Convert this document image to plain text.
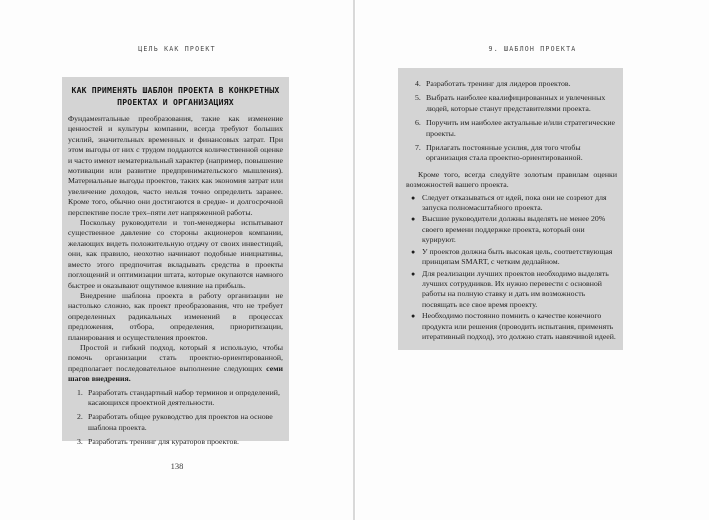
ЦЕЛЬ КАК ПРОЕКТ
КАК ПРИМЕНЯТЬ ШАБЛОН ПРОЕКТА В КОНКРЕТНЫХ ПРОЕКТАХ И ОРГАНИЗАЦИЯХ

Фундаментальные преобразования, такие как изменение ценностей и культуры компании, всегда требуют больших усилий, значительных временных и финансовых затрат. При этом выгоды от них с трудом поддаются количественной оценке и часто имеют нематериальный характер (например, повышение мотивации или развитие предпринимательского мышления). Материальные выгоды проектов, таких как экономия затрат или увеличение доходов, часто нельзя точно определить заранее. Кроме того, обычно они достигаются в средне- и долгосрочной перспективе после трех–пяти лет напряженной работы.

Поскольку руководители и топ-менеджеры испытывают существенное давление со стороны акционеров компании, желающих видеть положительную отдачу от своих инвестиций, они, как правило, неохотно начинают подобные инициативы, вместо этого предпочитая вкладывать средства в проекты поглощений и оптимизации штата, которые окупаются намного быстрее и оказывают ощутимое влияние на прибыль.

Внедрение шаблона проекта в работу организации не настолько сложно, как проект преобразования, что не требует определенных радикальных изменений в процессах предложения, отбора, определения, приоритизации, планирования и осуществления проектов.

Простой и гибкий подход, который я использую, чтобы помочь организации стать проектно-ориентированной, предполагает последовательное выполнение следующих семи шагов внедрения.

1. Разработать стандартный набор терминов и определений, касающихся проектной деятельности.
2. Разработать общее руководство для проектов на основе шаблона проекта.
3. Разработать тренинг для кураторов проектов.
138
9. ШАБЛОН ПРОЕКТА
4. Разработать тренинг для лидеров проектов.
5. Выбрать наиболее квалифицированных и увлеченных людей, которые станут представителями проекта.
6. Поручить им наиболее актуальные и/или стратегические проекты.
7. Прилагать постоянные усилия, для того чтобы организация стала проектно-ориентированной.

Кроме того, всегда следуйте золотым правилам оценки возможностей вашего проекта.

● Следует отказываться от идей, пока они не созреют для запуска полномасштабного проекта.
● Высшие руководители должны выделять не менее 20% своего времени поддержке проекта, который они курируют.
● У проектов должна быть высокая цель, соответствующая принципам SMART, с четким дедлайном.
● Для реализации лучших проектов необходимо выделять лучших сотрудников. Их нужно перевести с основной работы на полную ставку и дать им возможность посвящать все свое время проекту.
● Необходимо постоянно помнить о качестве конечного продукта или решения (проводить испытания, применять итеративный подход), это должно стать навязчивой идеей.
